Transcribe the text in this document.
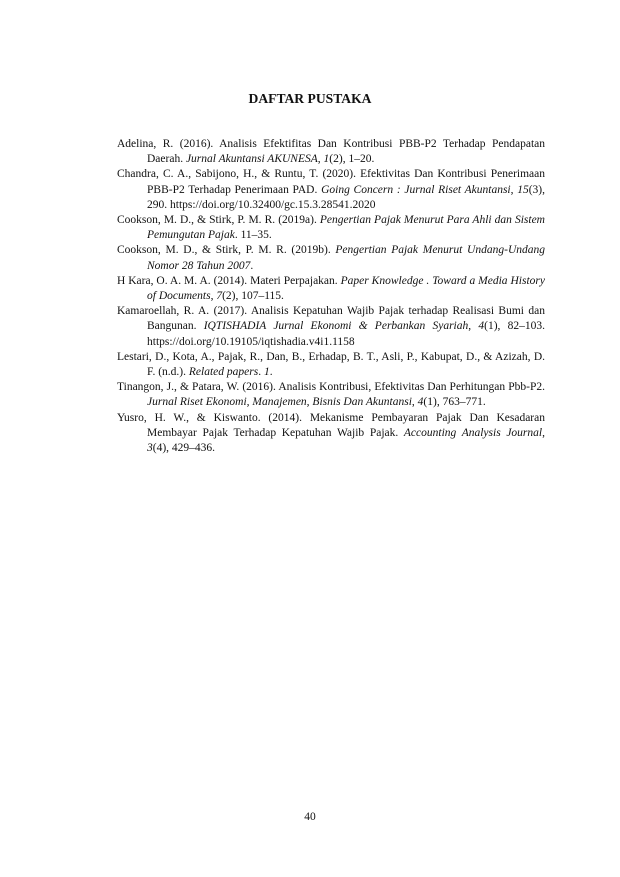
DAFTAR PUSTAKA
Adelina, R. (2016). Analisis Efektifitas Dan Kontribusi PBB-P2 Terhadap Pendapatan Daerah. Jurnal Akuntansi AKUNESA, 1(2), 1–20.
Chandra, C. A., Sabijono, H., & Runtu, T. (2020). Efektivitas Dan Kontribusi Penerimaan PBB-P2 Terhadap Penerimaan PAD. Going Concern : Jurnal Riset Akuntansi, 15(3), 290. https://doi.org/10.32400/gc.15.3.28541.2020
Cookson, M. D., & Stirk, P. M. R. (2019a). Pengertian Pajak Menurut Para Ahli dan Sistem Pemungutan Pajak. 11–35.
Cookson, M. D., & Stirk, P. M. R. (2019b). Pengertian Pajak Menurut Undang-Undang Nomor 28 Tahun 2007.
H Kara, O. A. M. A. (2014). Materi Perpajakan. Paper Knowledge . Toward a Media History of Documents, 7(2), 107–115.
Kamaroellah, R. A. (2017). Analisis Kepatuhan Wajib Pajak terhadap Realisasi Bumi dan Bangunan. IQTISHADIA Jurnal Ekonomi & Perbankan Syariah, 4(1), 82–103. https://doi.org/10.19105/iqtishadia.v4i1.1158
Lestari, D., Kota, A., Pajak, R., Dan, B., Erhadap, B. T., Asli, P., Kabupat, D., & Azizah, D. F. (n.d.). Related papers. 1.
Tinangon, J., & Patara, W. (2016). Analisis Kontribusi, Efektivitas Dan Perhitungan Pbb-P2. Jurnal Riset Ekonomi, Manajemen, Bisnis Dan Akuntansi, 4(1), 763–771.
Yusro, H. W., & Kiswanto. (2014). Mekanisme Pembayaran Pajak Dan Kesadaran Membayar Pajak Terhadap Kepatuhan Wajib Pajak. Accounting Analysis Journal, 3(4), 429–436.
40
